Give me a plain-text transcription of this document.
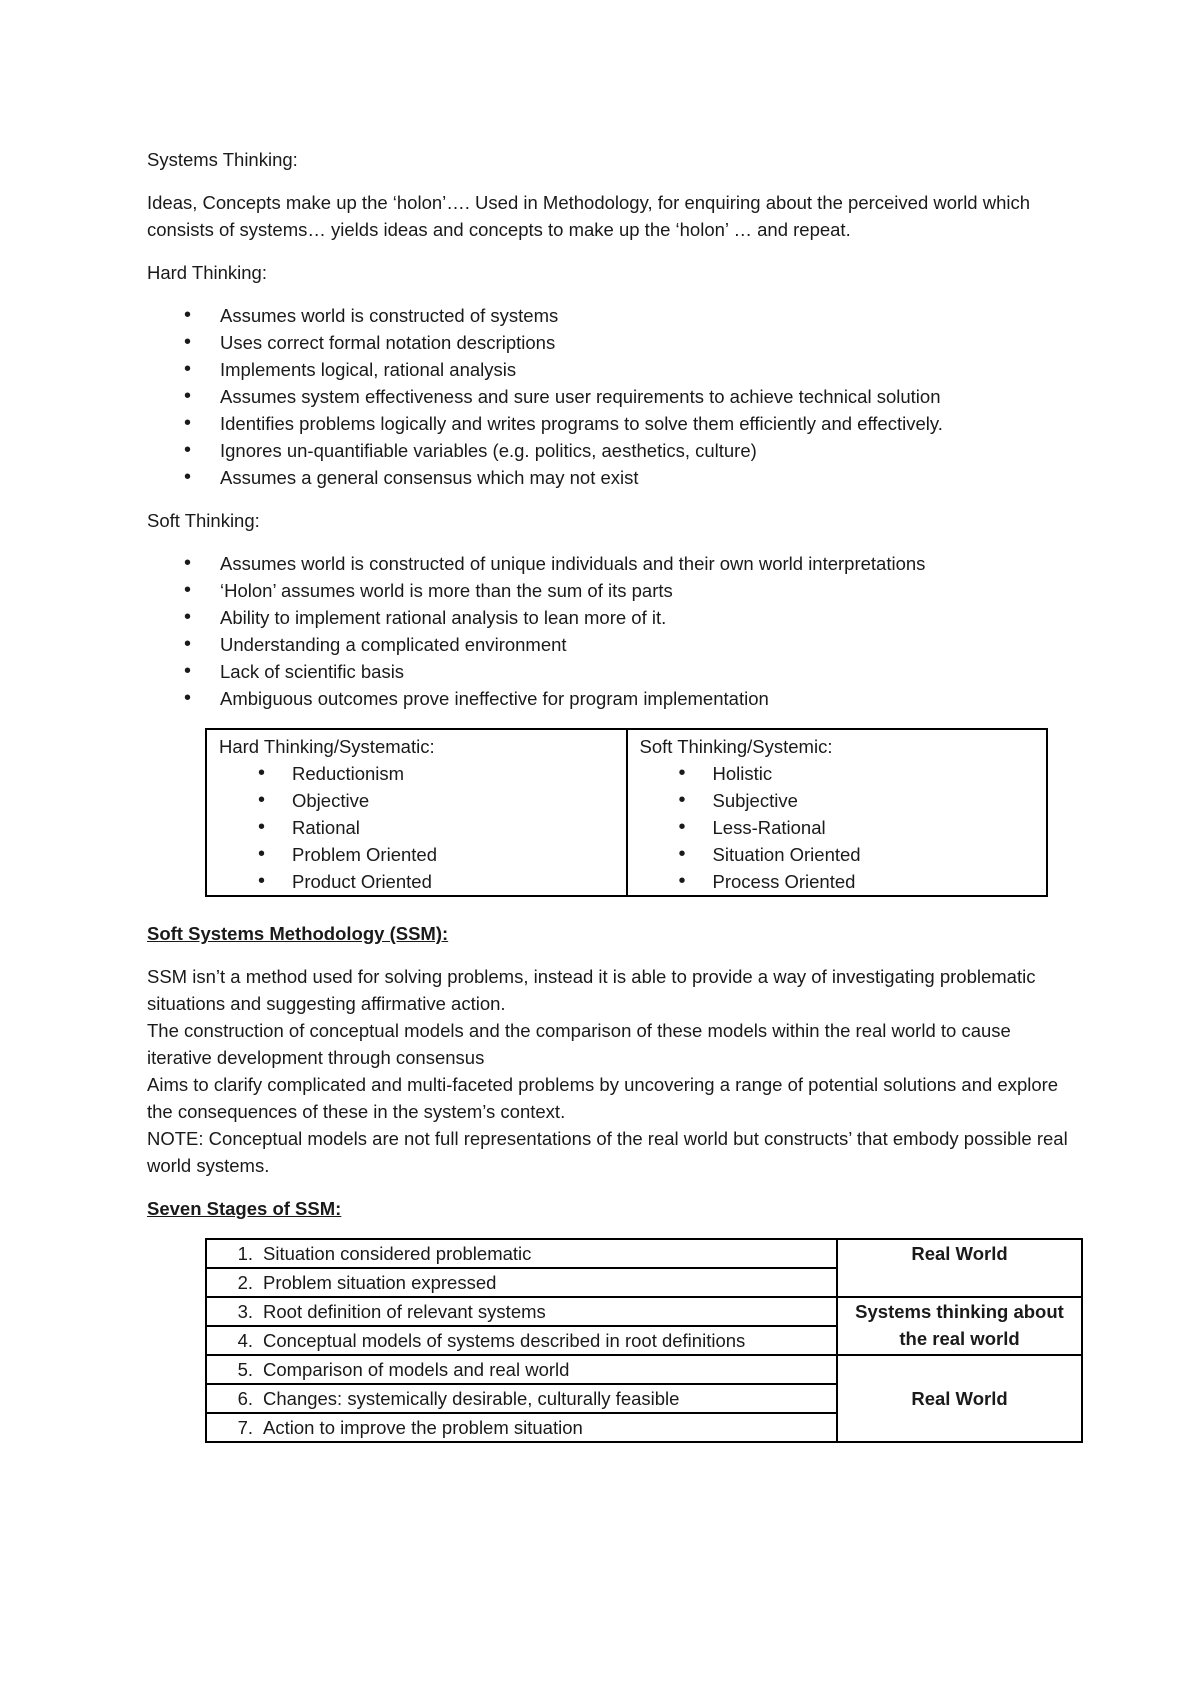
Systems Thinking:

Ideas, Concepts make up the ‘holon’…. Used in Methodology, for enquiring about the perceived world which consists of systems… yields ideas and concepts to make up the ‘holon’ … and repeat.

Hard Thinking:

• Assumes world is constructed of systems
• Uses correct formal notation descriptions
• Implements logical, rational analysis
• Assumes system effectiveness and sure user requirements to achieve technical solution
• Identifies problems logically and writes programs to solve them efficiently and effectively.
• Ignores un-quantifiable variables (e.g. politics, aesthetics, culture)
• Assumes a general consensus which may not exist

Soft Thinking:

• Assumes world is constructed of unique individuals and their own world interpretations
• ‘Holon’ assumes world is more than the sum of its parts
• Ability to implement rational analysis to lean more of it.
• Understanding a complicated environment
• Lack of scientific basis
• Ambiguous outcomes prove ineffective for program implementation

Hard Thinking/Systematic:

• Reductionism
• Objective
• Rational
• Problem Oriented
• Product Oriented

Soft Thinking/Systemic:

• Holistic
• Subjective
• Less-Rational
• Situation Oriented
• Process Oriented

Soft Systems Methodology (SSM):

SSM isn’t a method used for solving problems, instead it is able to provide a way of investigating problematic situations and suggesting affirmative action.

The construction of conceptual models and the comparison of these models within the real world to cause iterative development through consensus

Aims to clarify complicated and multi-faceted problems by uncovering a range of potential solutions and explore the consequences of these in the system’s context.

NOTE: Conceptual models are not full representations of the real world but constructs’ that embody possible real world systems.

Seven Stages of SSM:

1. Situation considered problematic	Real World
2. Problem situation expressed	
3. Root definition of relevant systems	Systems thinking about the real world
4. Conceptual models of systems described in root definitions	
5. Comparison of models and real world	Real World
6. Changes: systemically desirable, culturally feasible	
7. Action to improve the problem situation	
